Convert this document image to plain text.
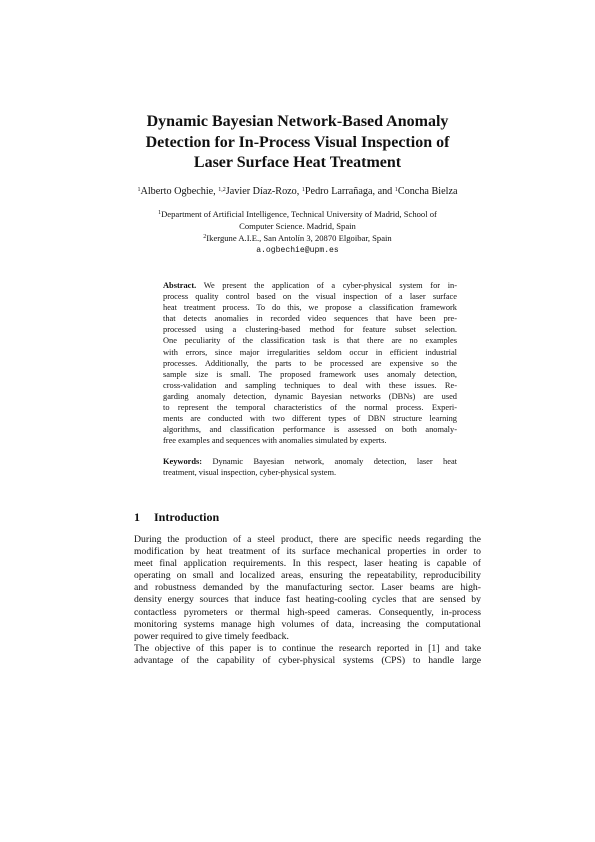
Dynamic Bayesian Network-Based Anomaly
Detection for In-Process Visual Inspection of
Laser Surface Heat Treatment
$^1$Alberto Ogbechie, $^{1,2}$Javier Díaz-Rozo, $^1$Pedro Larrañaga, and $^1$Concha Bielza
$^1$Department of Artificial Intelligence, Technical University of Madrid, School of
Computer Science. Madrid, Spain
$^2$Ikergune A.I.E., San Antolín 3, 20870 Elgoibar, Spain
a.ogbechie@upm.es
Abstract. We present the application of a cyber-physical system for in-
process quality control based on the visual inspection of a laser surface
heat treatment process. To do this, we propose a classification framework
that detects anomalies in recorded video sequences that have been pre-
processed using a clustering-based method for feature subset selection.
One peculiarity of the classification task is that there are no examples
with errors, since major irregularities seldom occur in efficient industrial
processes. Additionally, the parts to be processed are expensive so the
sample size is small. The proposed framework uses anomaly detection,
cross-validation and sampling techniques to deal with these issues. Re-
garding anomaly detection, dynamic Bayesian networks (DBNs) are used
to represent the temporal characteristics of the normal process. Experi-
ments are conducted with two different types of DBN structure learning
algorithms, and classification performance is assessed on both anomaly-
free examples and sequences with anomalies simulated by experts.
Keywords: Dynamic Bayesian network, anomaly detection, laser heat
treatment, visual inspection, cyber-physical system.
1 Introduction
During the production of a steel product, there are specific needs regarding the
modification by heat treatment of its surface mechanical properties in order to
meet final application requirements. In this respect, laser heating is capable of
operating on small and localized areas, ensuring the repeatability, reproducibility
and robustness demanded by the manufacturing sector. Laser beams are high-
density energy sources that induce fast heating-cooling cycles that are sensed by
contactless pyrometers or thermal high-speed cameras. Consequently, in-process
monitoring systems manage high volumes of data, increasing the computational
power required to give timely feedback.
The objective of this paper is to continue the research reported in [1] and take
advantage of the capability of cyber-physical systems (CPS) to handle large
